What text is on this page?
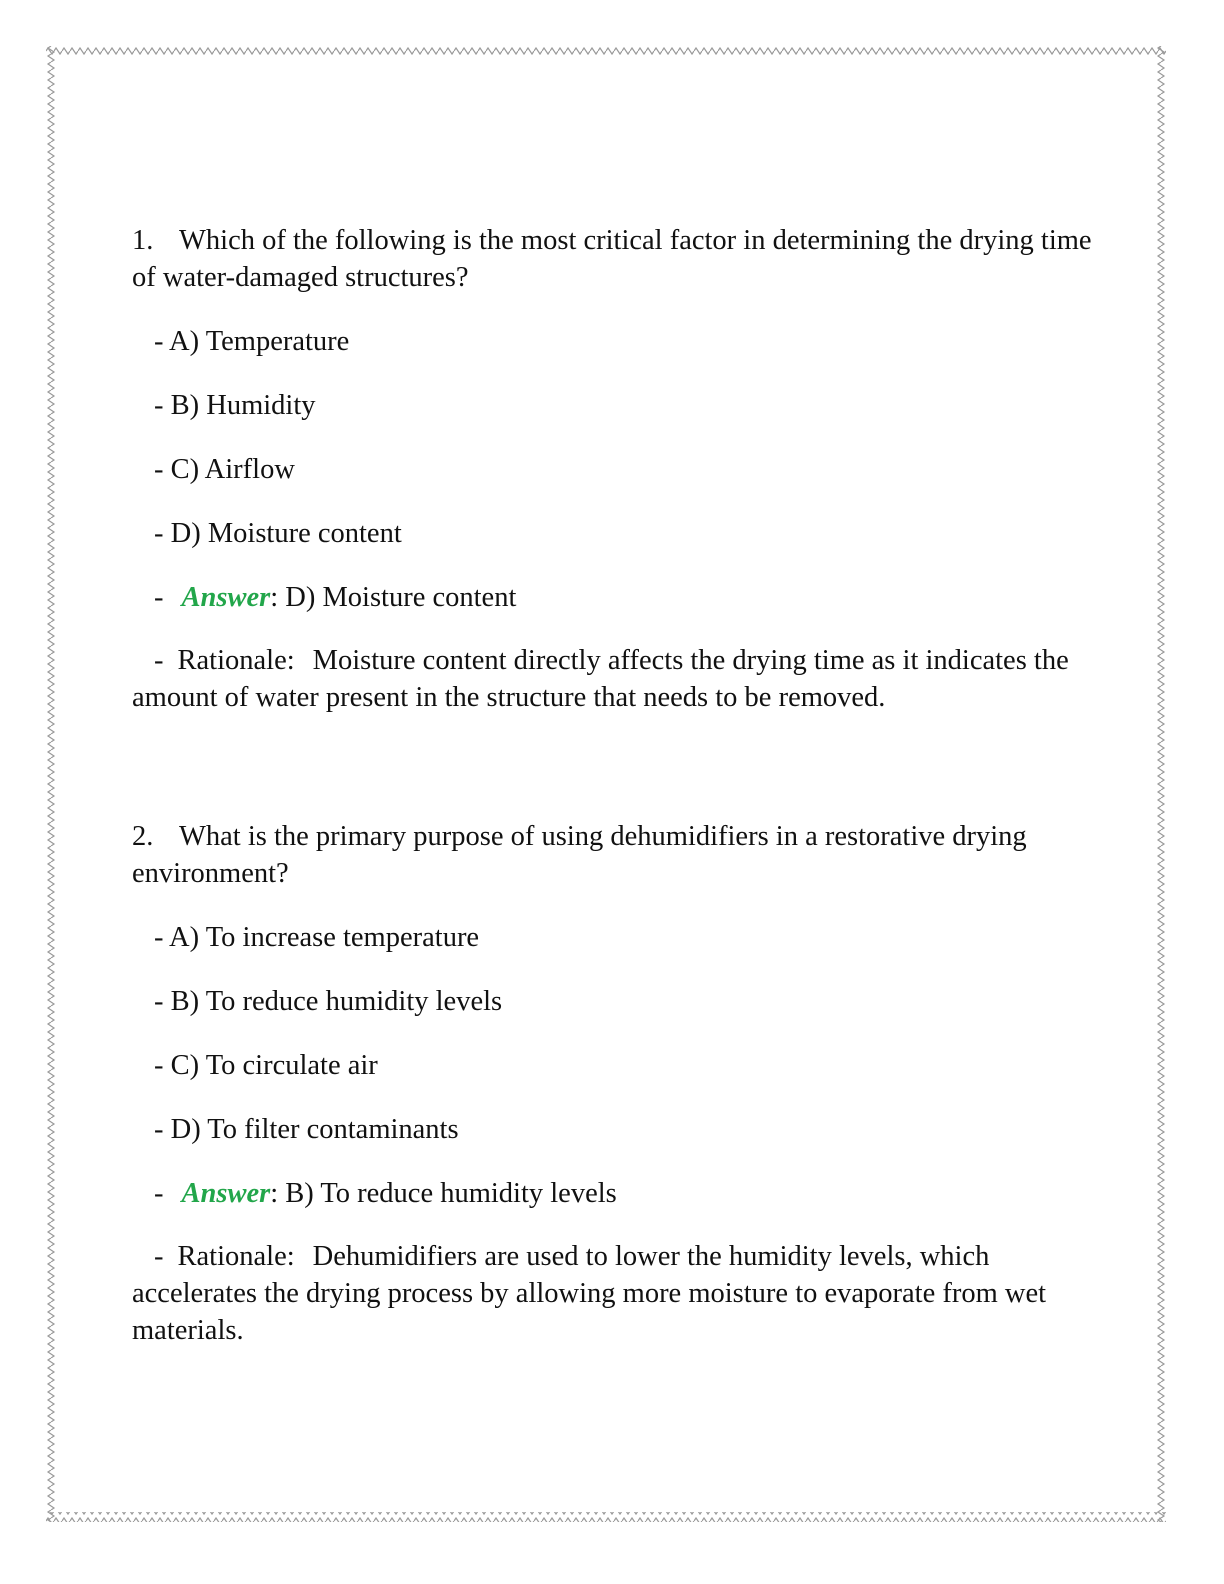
1. Which of the following is the most critical factor in determining the drying time of water-damaged structures?

- A) Temperature

- B) Humidity

- C) Airflow

- D) Moisture content

- Answer: D) Moisture content

- Rationale: Moisture content directly affects the drying time as it indicates the amount of water present in the structure that needs to be removed.

2. What is the primary purpose of using dehumidifiers in a restorative drying environment?

- A) To increase temperature

- B) To reduce humidity levels

- C) To circulate air

- D) To filter contaminants

- Answer: B) To reduce humidity levels

- Rationale: Dehumidifiers are used to lower the humidity levels, which accelerates the drying process by allowing more moisture to evaporate from wet materials.
